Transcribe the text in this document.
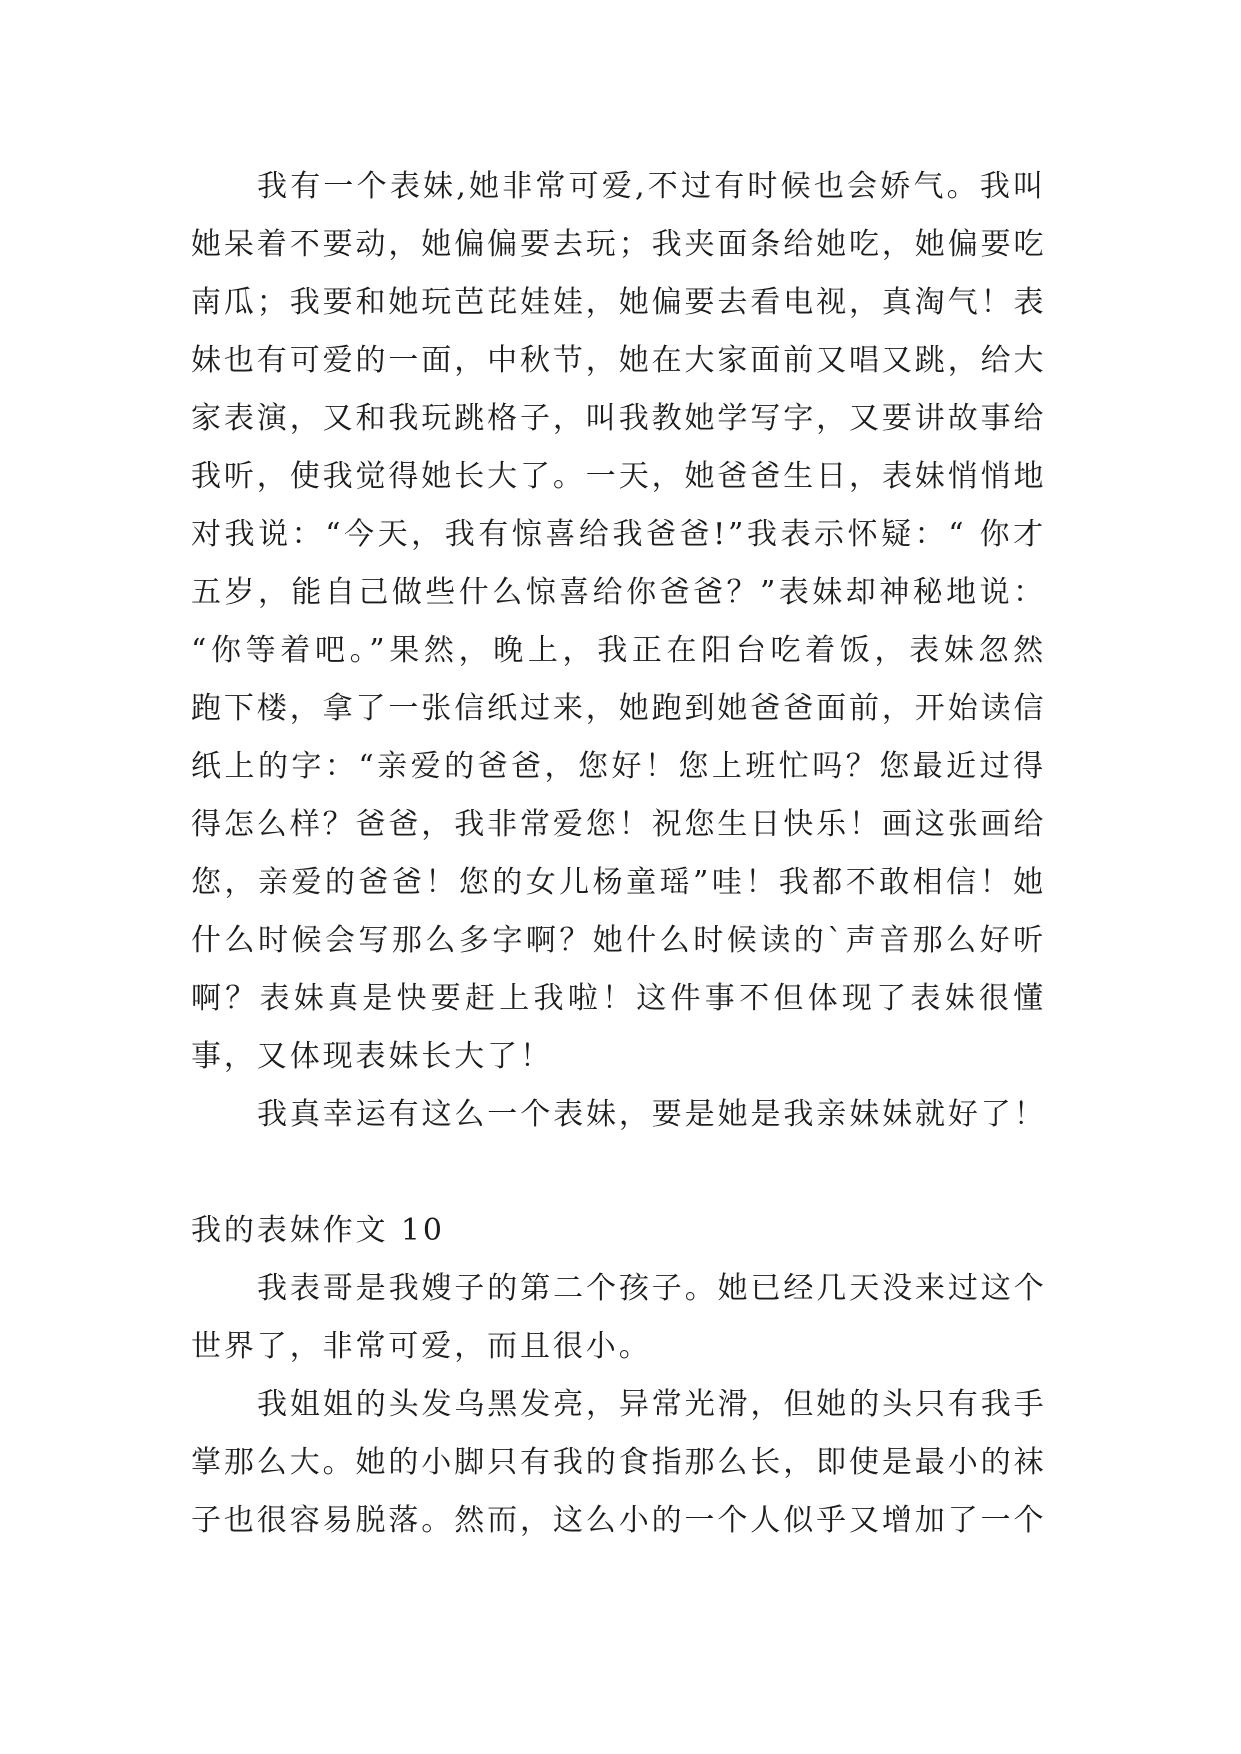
我有一个表妹,她非常可爱,不过有时候也会娇气。我叫
她呆着不要动，她偏偏要去玩；我夹面条给她吃，她偏要吃
南瓜；我要和她玩芭芘娃娃，她偏要去看电视，真淘气！表
妹也有可爱的一面，中秋节，她在大家面前又唱又跳，给大
家表演，又和我玩跳格子，叫我教她学写字，又要讲故事给
我听，使我觉得她长大了。一天，她爸爸生日，表妹悄悄地
对我说：“今天，我有惊喜给我爸爸!”我表示怀疑：“ 你才
五岁，能自己做些什么惊喜给你爸爸？”表妹却神秘地说：
“你等着吧。”果然，晚上，我正在阳台吃着饭，表妹忽然
跑下楼，拿了一张信纸过来，她跑到她爸爸面前，开始读信
纸上的字：“亲爱的爸爸，您好！您上班忙吗？您最近过得
得怎么样？爸爸，我非常爱您！祝您生日快乐！画这张画给
您，亲爱的爸爸！您的女儿杨童瑶”哇！我都不敢相信！她
什么时候会写那么多字啊？她什么时候读的`声音那么好听
啊？表妹真是快要赶上我啦！这件事不但体现了表妹很懂
事，又体现表妹长大了！
我真幸运有这么一个表妹，要是她是我亲妹妹就好了！
我的表妹作文 10
我表哥是我嫂子的第二个孩子。她已经几天没来过这个
世界了，非常可爱，而且很小。
我姐姐的头发乌黑发亮，异常光滑，但她的头只有我手
掌那么大。她的小脚只有我的食指那么长，即使是最小的袜
子也很容易脱落。然而，这么小的一个人似乎又增加了一个
